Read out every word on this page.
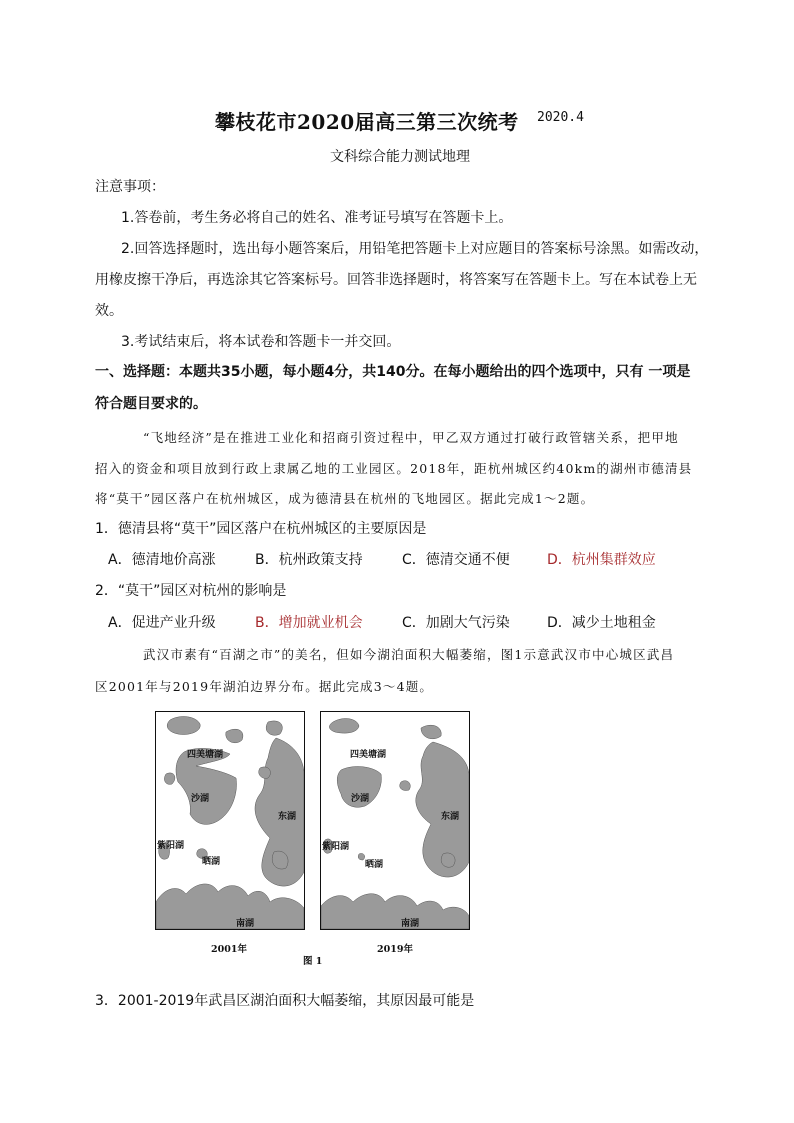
攀枝花市2020届高三第三次统考 2020.4
文科综合能力测试地理
注意事项：
1.答卷前，考生务必将自己的姓名、准考证号填写在答题卡上。
2.回答选择题时，选出每小题答案后，用铅笔把答题卡上对应题目的答案标号涂黑。如需改动，
用橡皮擦干净后，再选涂其它答案标号。回答非选择题时，将答案写在答题卡上。写在本试卷上无
效。
3.考试结束后，将本试卷和答题卡一并交回。
一、选择题：本题共35小题，每小题4分，共140分。在每小题给出的四个选项中，只有 一项是
符合题目要求的。
“飞地经济”是在推进工业化和招商引资过程中，甲乙双方通过打破行政管辖关系，把甲地
招入的资金和项目放到行政上隶属乙地的工业园区。2018年，距杭州城区约40km的湖州市德清县
将“莫干”园区落户在杭州城区，成为德清县在杭州的飞地园区。据此完成1～2题。
1．德清县将“莫干”园区落户在杭州城区的主要原因是
A．德清地价高涨	B．杭州政策支持	C．德清交通不便	D．杭州集群效应
2．“莫干”园区对杭州的影响是
A．促进产业升级	B．增加就业机会	C．加剧大气污染	D．减少土地租金
武汉市素有“百湖之市”的美名，但如今湖泊面积大幅萎缩，图1示意武汉市中心城区武昌
区2001年与2019年湖泊边界分布。据此完成3～4题。
四美塘湖
沙湖
东湖
紫阳湖
晒湖
南湖
四美塘湖
沙湖
东湖
紫阳湖
晒湖
南湖
2001年	2019年
图 1
3．2001-2019年武昌区湖泊面积大幅萎缩，其原因最可能是
